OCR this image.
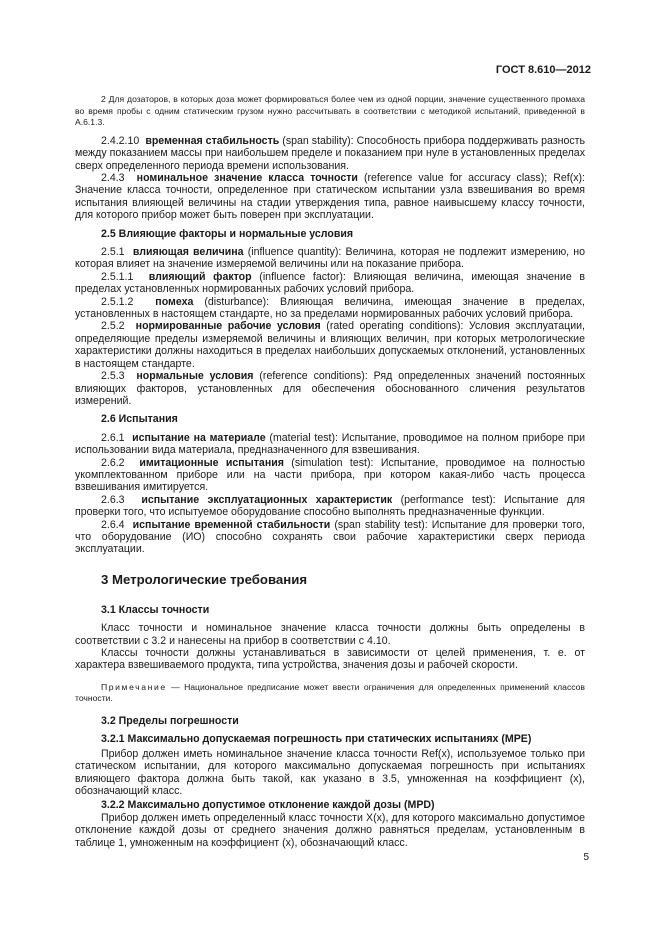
ГОСТ 8.610—2012

2 Для дозаторов, в которых доза может формироваться более чем из одной порции, значение существенного промаха во время пробы с одним статическим грузом нужно рассчитывать в соответствии с методикой испытаний, приведенной в А.6.1.3.

2.4.2.10 временная стабильность (span stability): Способность прибора поддерживать разность между показанием массы при наибольшем пределе и показанием при нуле в установленных пределах сверх определенного периода времени использования.

2.4.3 номинальное значение класса точности (reference value for accuracy class); Ref(x): Значение класса точности, определенное при статическом испытании узла взвешивания во время испытания влияющей величины на стадии утверждения типа, равное наивысшему классу точности, для которого прибор может быть поверен при эксплуатации.

2.5 Влияющие факторы и нормальные условия

2.5.1 влияющая величина (influence quantity): Величина, которая не подлежит измерению, но которая влияет на значение измеряемой величины или на показание прибора.

2.5.1.1 влияющий фактор (influence factor): Влияющая величина, имеющая значение в пределах установленных нормированных рабочих условий прибора.

2.5.1.2 помеха (disturbance): Влияющая величина, имеющая значение в пределах, установленных в настоящем стандарте, но за пределами нормированных рабочих условий прибора.

2.5.2 нормированные рабочие условия (rated operating conditions): Условия эксплуатации, определяющие пределы измеряемой величины и влияющих величин, при которых метрологические характеристики должны находиться в пределах наибольших допускаемых отклонений, установленных в настоящем стандарте.

2.5.3 нормальные условия (reference conditions): Ряд определенных значений постоянных влияющих факторов, установленных для обеспечения обоснованного сличения результатов измерений.

2.6 Испытания

2.6.1 испытание на материале (material test): Испытание, проводимое на полном приборе при использовании вида материала, предназначенного для взвешивания.

2.6.2 имитационные испытания (simulation test): Испытание, проводимое на полностью укомплектованном приборе или на части прибора, при котором какая-либо часть процесса взвешивания имитируется.

2.6.3 испытание эксплуатационных характеристик (performance test): Испытание для проверки того, что испытуемое оборудование способно выполнять предназначенные функции.

2.6.4 испытание временной стабильности (span stability test): Испытание для проверки того, что оборудование (ИО) способно сохранять свои рабочие характеристики сверх периода эксплуатации.

3 Метрологические требования

3.1 Классы точности

Класс точности и номинальное значение класса точности должны быть определены в соответствии с 3.2 и нанесены на прибор в соответствии с 4.10.

Классы точности должны устанавливаться в зависимости от целей применения, т. е. от характера взвешиваемого продукта, типа устройства, значения дозы и рабочей скорости.

Примечание — Национальное предписание может ввести ограничения для определенных применений классов точности.

3.2 Пределы погрешности

3.2.1 Максимально допускаемая погрешность при статических испытаниях (МРЕ)

Прибор должен иметь номинальное значение класса точности Ref(x), используемое только при статическом испытании, для которого максимально допускаемая погрешность при испытаниях влияющего фактора должна быть такой, как указано в 3.5, умноженная на коэффициент (x), обозначающий класс.

3.2.2 Максимально допустимое отклонение каждой дозы (MPD)

Прибор должен иметь определенный класс точности X(x), для которого максимально допустимое отклонение каждой дозы от среднего значения должно равняться пределам, установленным в таблице 1, умноженным на коэффициент (x), обозначающий класс.

5
